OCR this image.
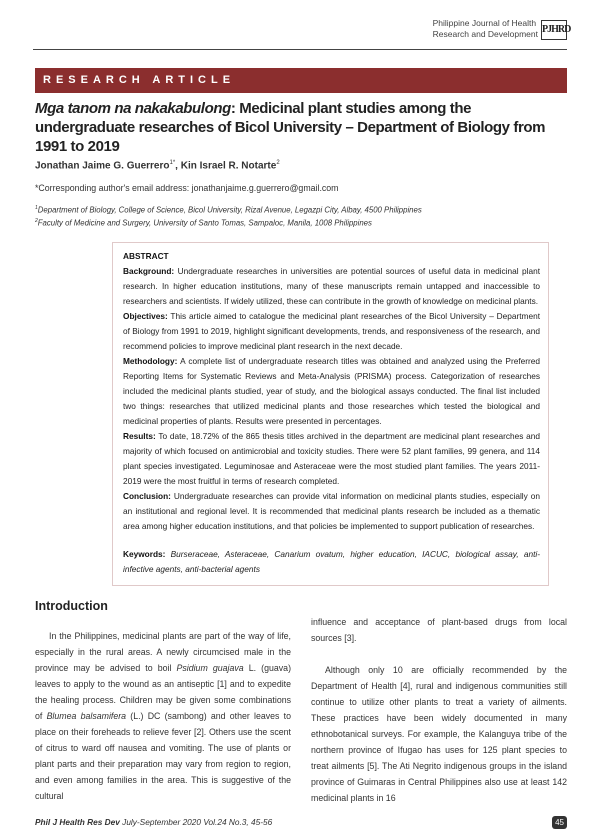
Philippine Journal of Health
Research and Development PJHRD
RESEARCH ARTICLE
Mga tanom na nakakabulong: Medicinal plant studies among the undergraduate researches of Bicol University – Department of Biology from 1991 to 2019
Jonathan Jaime G. Guerrero$^{1*}$, Kin Israel R. Notarte$^2$
*Corresponding author's email address: jonathanjaime.g.guerrero@gmail.com
$^1$Department of Biology, College of Science, Bicol University, Rizal Avenue, Legazpi City, Albay, 4500 Philippines
$^2$Faculty of Medicine and Surgery, University of Santo Tomas, Sampaloc, Manila, 1008 Philippines
ABSTRACT
Background: Undergraduate researches in universities are potential sources of useful data in medicinal plant research. In higher education institutions, many of these manuscripts remain untapped and inaccessible to researchers and scientists. If widely utilized, these can contribute in the growth of knowledge on medicinal plants.
Objectives: This article aimed to catalogue the medicinal plant researches of the Bicol University – Department of Biology from 1991 to 2019, highlight significant developments, trends, and responsiveness of the research, and recommend policies to improve medicinal plant research in the next decade.
Methodology: A complete list of undergraduate research titles was obtained and analyzed using the Preferred Reporting Items for Systematic Reviews and Meta-Analysis (PRISMA) process. Categorization of researches included the medicinal plants studied, year of study, and the biological assays conducted. The final list included two things: researches that utilized medicinal plants and those researches which tested the biological and medicinal properties of plants. Results were presented in percentages.
Results: To date, 18.72% of the 865 thesis titles archived in the department are medicinal plant researches and majority of which focused on antimicrobial and toxicity studies. There were 52 plant families, 99 genera, and 114 plant species investigated. Leguminosae and Asteraceae were the most studied plant families. The years 2011-2019 were the most fruitful in terms of research completed.
Conclusion: Undergraduate researches can provide vital information on medicinal plants studies, especially on an institutional and regional level. It is recommended that medicinal plants research be included as a thematic area among higher education institutions, and that policies be implemented to support publication of researches.
Keywords: Burseraceae, Asteraceae, Canarium ovatum, higher education, IACUC, biological assay, anti-infective agents, anti-bacterial agents
Introduction

In the Philippines, medicinal plants are part of the way of life, especially in the rural areas. A newly circumcised male in the province may be advised to boil Psidium guajava L. (guava) leaves to apply to the wound as an antiseptic [1] and to expedite the healing process. Children may be given some combinations of Blumea balsamifera (L.) DC (sambong) and other leaves to place on their foreheads to relieve fever [2]. Others use the scent of citrus to ward off nausea and vomiting. The use of plants or plant parts and their preparation may vary from region to region, and even among families in the area. This is suggestive of the cultural

influence and acceptance of plant-based drugs from local sources [3].

Although only 10 are officially recommended by the Department of Health [4], rural and indigenous communities still continue to utilize other plants to treat a variety of ailments. These practices have been widely documented in many ethnobotanical surveys. For example, the Kalanguya tribe of the northern province of Ifugao has uses for 125 plant species to treat ailments [5]. The Ati Negrito indigenous groups in the island province of Guimaras in Central Philippines also use at least 142 medicinal plants in 16

Phil J Health Res Dev July-September 2020 Vol.24 No.3, 45-56	45
